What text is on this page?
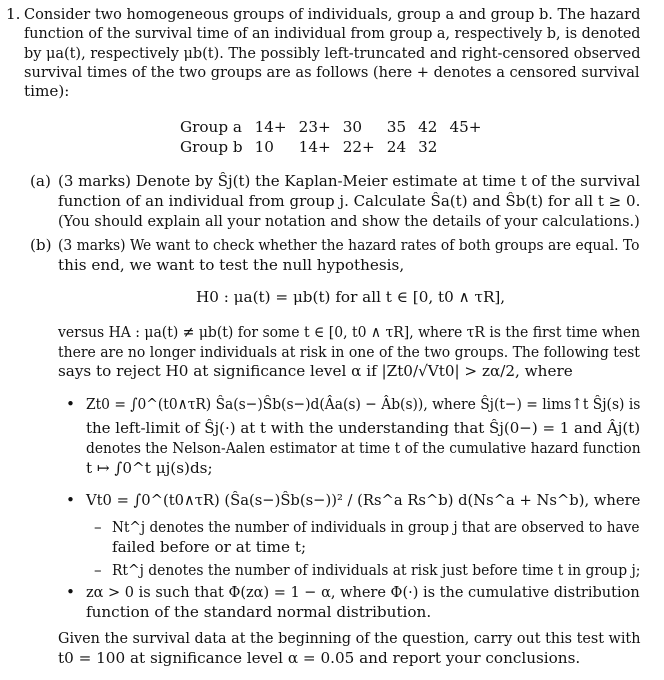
1. Consider two homogeneous groups of individuals, group a and group b. The hazard
function of the survival time of an individual from group a, respectively b, is denoted
by μa(t), respectively μb(t). The possibly left-truncated and right-censored observed
survival times of the two groups are as follows (here + denotes a censored survival
time):
Group a	14+	23+	30	35	42	45+
Group b	10	14+	22+	24	32	
(a) (3 marks) Denote by Ŝj(t) the Kaplan-Meier estimate at time t of the survival
function of an individual from group j. Calculate Ŝa(t) and Ŝb(t) for all t ≥ 0.
(You should explain all your notation and show the details of your calculations.)
(b) (3 marks) We want to check whether the hazard rates of both groups are equal. To
this end, we want to test the null hypothesis,
H0 : μa(t) = μb(t) for all t ∈ [0, t0 ∧ τR],
versus HA : μa(t) ≠ μb(t) for some t ∈ [0, t0 ∧ τR], where τR is the first time when
there are no longer individuals at risk in one of the two groups. The following test
says to reject H0 at significance level α if |Zt0/√Vt0| > zα/2, where
• Zt0 = ∫0^(t0∧τR) Ŝa(s−)Ŝb(s−)d(Âa(s) − Âb(s)), where Ŝj(t−) = lims↑t Ŝj(s) is
the left-limit of Ŝj(·) at t with the understanding that Ŝj(0−) = 1 and Âj(t)
denotes the Nelson-Aalen estimator at time t of the cumulative hazard function
t ↦ ∫0^t μj(s)ds;
• Vt0 = ∫0^(t0∧τR) (Ŝa(s−)Ŝb(s−))² / (Rs^a Rs^b) d(Ns^a + Ns^b), where
– Nt^j denotes the number of individuals in group j that are observed to have
failed before or at time t;
– Rt^j denotes the number of individuals at risk just before time t in group j;
• zα > 0 is such that Φ(zα) = 1 − α, where Φ(·) is the cumulative distribution
function of the standard normal distribution.
Given the survival data at the beginning of the question, carry out this test with
t0 = 100 at significance level α = 0.05 and report your conclusions.
